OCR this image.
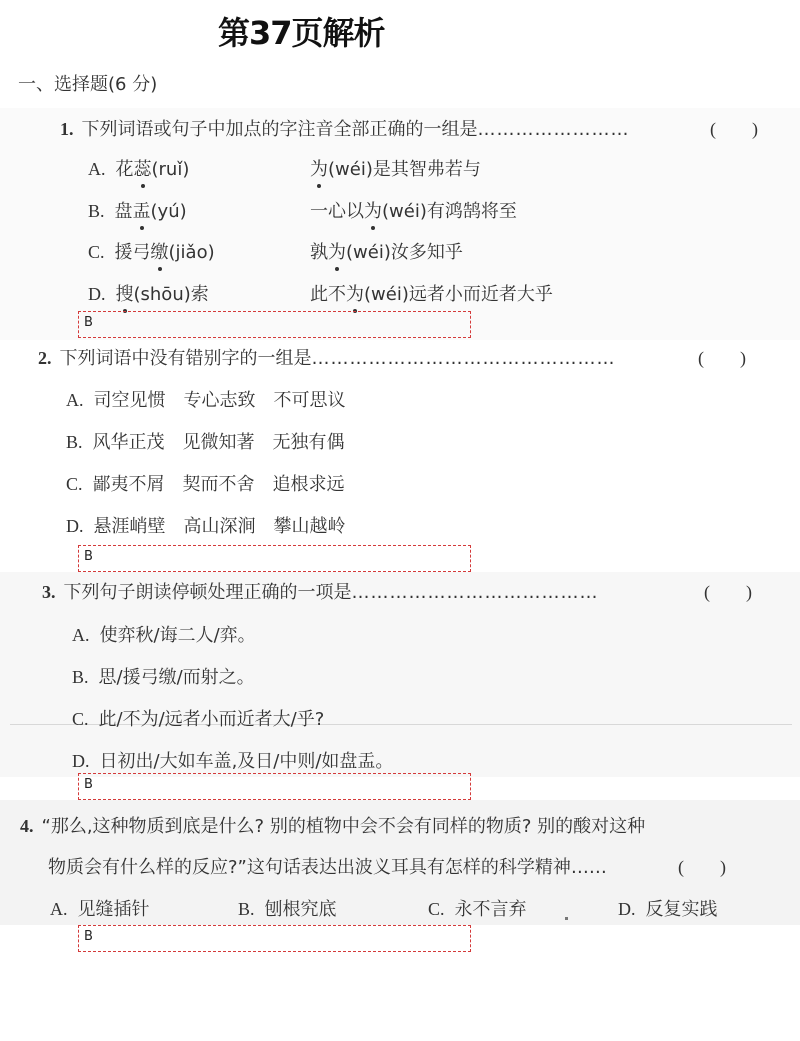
第37页解析
一、选择题(6 分)
1. 下列词语或句子中加点的字注音全部正确的一组是……………………	(　　)
A. 花蕊(ruǐ)	为(wéi)是其智弗若与
B. 盘盂(yú)	一心以为(wéi)有鸿鹄将至
C. 援弓缴(jiǎo)	孰为(wéi)汝多知乎
D. 搜(shōu)索	此不为(wéi)远者小而近者大乎
B
2. 下列词语中没有错别字的一组是…………………………………………	(　　)
A. 司空见惯　专心志致　不可思议
B. 风华正茂　见微知著　无独有偶
C. 鄙夷不屑　契而不舍　追根求远
D. 悬涯峭壁　高山深涧　攀山越岭
B
3. 下列句子朗读停顿处理正确的一项是…………………………………	(　　)
A. 使弈秋/诲二人/弈。
B. 思/援弓缴/而射之。
C. 此/不为/远者小而近者大/乎?
D. 日初出/大如车盖,及日/中则/如盘盂。
B
4. “那么,这种物质到底是什么? 别的植物中会不会有同样的物质? 别的酸对这种
物质会有什么样的反应?”这句话表达出波义耳具有怎样的科学精神……	(　　)
A. 见缝插针	B. 刨根究底	C. 永不言弃	D. 反复实践
B
